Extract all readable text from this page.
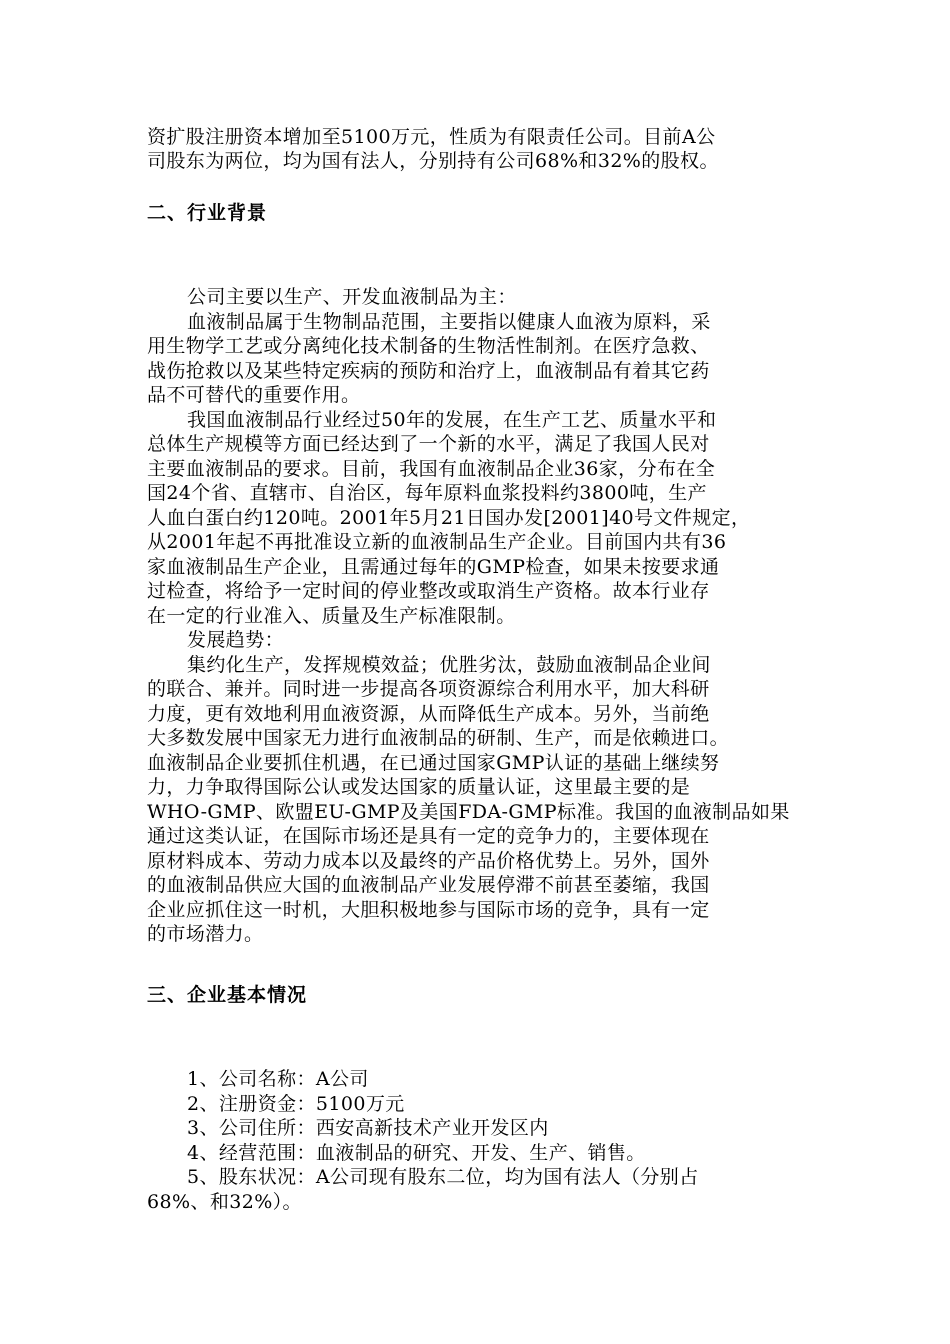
资扩股注册资本增加至5100万元，性质为有限责任公司。目前A公
司股东为两位，均为国有法人，分别持有公司68%和32%的股权。
二、行业背景
公司主要以生产、开发血液制品为主：
血液制品属于生物制品范围，主要指以健康人血液为原料，采
用生物学工艺或分离纯化技术制备的生物活性制剂。在医疗急救、
战伤抢救以及某些特定疾病的预防和治疗上，血液制品有着其它药
品不可替代的重要作用。
我国血液制品行业经过50年的发展，在生产工艺、质量水平和
总体生产规模等方面已经达到了一个新的水平，满足了我国人民对
主要血液制品的要求。目前，我国有血液制品企业36家，分布在全
国24个省、直辖市、自治区，每年原料血浆投料约3800吨，生产
人血白蛋白约120吨。2001年5月21日国办发[2001]40号文件规定，
从2001年起不再批准设立新的血液制品生产企业。目前国内共有36
家血液制品生产企业，且需通过每年的GMP检查，如果未按要求通
过检查，将给予一定时间的停业整改或取消生产资格。故本行业存
在一定的行业准入、质量及生产标准限制。
发展趋势：
集约化生产，发挥规模效益；优胜劣汰，鼓励血液制品企业间
的联合、兼并。同时进一步提高各项资源综合利用水平，加大科研
力度，更有效地利用血液资源，从而降低生产成本。另外，当前绝
大多数发展中国家无力进行血液制品的研制、生产，而是依赖进口。
血液制品企业要抓住机遇，在已通过国家GMP认证的基础上继续努
力，力争取得国际公认或发达国家的质量认证，这里最主要的是
WHO-GMP、欧盟EU-GMP及美国FDA-GMP标准。我国的血液制品如果
通过这类认证，在国际市场还是具有一定的竞争力的，主要体现在
原材料成本、劳动力成本以及最终的产品价格优势上。另外，国外
的血液制品供应大国的血液制品产业发展停滞不前甚至萎缩，我国
企业应抓住这一时机，大胆积极地参与国际市场的竞争，具有一定
的市场潜力。
三、企业基本情况
1、公司名称：A公司
2、注册资金：5100万元
3、公司住所：西安高新技术产业开发区内
4、经营范围：血液制品的研究、开发、生产、销售。
5、股东状况：A公司现有股东二位，均为国有法人（分别占
68%、和32%）。
